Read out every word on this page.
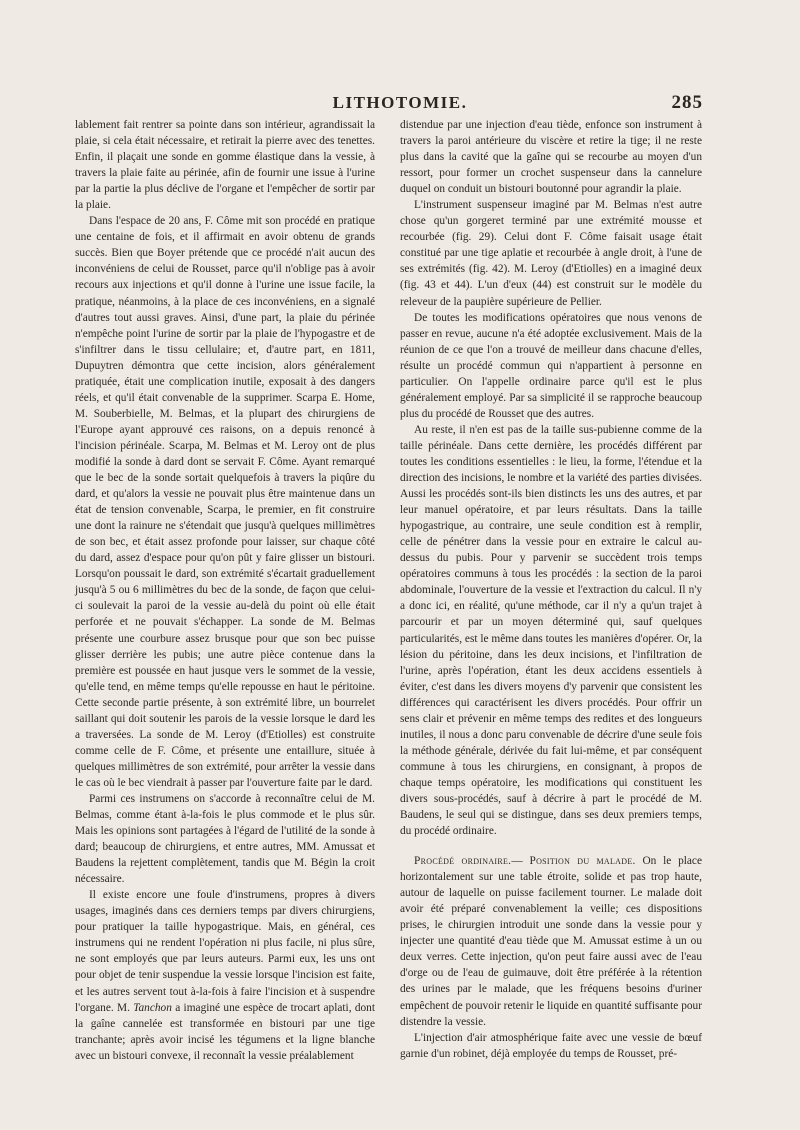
LITHOTOMIE.	285

lablement fait rentrer sa pointe dans son intérieur, agrandissait la plaie, si cela était nécessaire, et retirait la pierre avec des tenettes. Enfin, il plaçait une sonde en gomme élastique dans la vessie, à travers la plaie faite au périnée, afin de fournir une issue à l'urine par la partie la plus déclive de l'organe et l'empêcher de sortir par la plaie.

Dans l'espace de 20 ans, F. Côme mit son procédé en pratique une centaine de fois, et il affirmait en avoir obtenu de grands succès. Bien que Boyer prétende que ce procédé n'ait aucun des inconvéniens de celui de Rousset, parce qu'il n'oblige pas à avoir recours aux injections et qu'il donne à l'urine une issue facile, la pratique, néanmoins, à la place de ces inconvéniens, en a signalé d'autres tout aussi graves. Ainsi, d'une part, la plaie du périnée n'empêche point l'urine de sortir par la plaie de l'hypogastre et de s'infiltrer dans le tissu cellulaire; et, d'autre part, en 1811, Dupuytren démontra que cette incision, alors généralement pratiquée, était une complication inutile, exposait à des dangers réels, et qu'il était convenable de la supprimer. Scarpa E. Home, M. Souberbielle, M. Belmas, et la plupart des chirurgiens de l'Europe ayant approuvé ces raisons, on a depuis renoncé à l'incision périnéale. Scarpa, M. Belmas et M. Leroy ont de plus modifié la sonde à dard dont se servait F. Côme. Ayant remarqué que le bec de la sonde sortait quelquefois à travers la piqûre du dard, et qu'alors la vessie ne pouvait plus être maintenue dans un état de tension convenable, Scarpa, le premier, en fit construire une dont la rainure ne s'étendait que jusqu'à quelques millimètres de son bec, et était assez profonde pour laisser, sur chaque côté du dard, assez d'espace pour qu'on pût y faire glisser un bistouri. Lorsqu'on poussait le dard, son extrémité s'écartait graduellement jusqu'à 5 ou 6 millimètres du bec de la sonde, de façon que celui-ci soulevait la paroi de la vessie au-delà du point où elle était perforée et ne pouvait s'échapper. La sonde de M. Belmas présente une courbure assez brusque pour que son bec puisse glisser derrière les pubis; une autre pièce contenue dans la première est poussée en haut jusque vers le sommet de la vessie, qu'elle tend, en même temps qu'elle repousse en haut le péritoine. Cette seconde partie présente, à son extrémité libre, un bourrelet saillant qui doit soutenir les parois de la vessie lorsque le dard les a traversées. La sonde de M. Leroy (d'Etiolles) est construite comme celle de F. Côme, et présente une entaillure, située à quelques millimètres de son extrémité, pour arrêter la vessie dans le cas où le bec viendrait à passer par l'ouverture faite par le dard.

Parmi ces instrumens on s'accorde à reconnaître celui de M. Belmas, comme étant à-la-fois le plus commode et le plus sûr. Mais les opinions sont partagées à l'égard de l'utilité de la sonde à dard; beaucoup de chirurgiens, et entre autres, MM. Amussat et Baudens la rejettent complètement, tandis que M. Bégin la croit nécessaire.

Il existe encore une foule d'instrumens, propres à divers usages, imaginés dans ces derniers temps par divers chirurgiens, pour pratiquer la taille hypogastrique. Mais, en général, ces instrumens qui ne rendent l'opération ni plus facile, ni plus sûre, ne sont employés que par leurs auteurs. Parmi eux, les uns ont pour objet de tenir suspendue la vessie lorsque l'incision est faite, et les autres servent tout à-la-fois à faire l'incision et à suspendre l'organe. M. Tanchon a imaginé une espèce de trocart aplati, dont la gaîne cannelée est transformée en bistouri par une tige tranchante; après avoir incisé les tégumens et la ligne blanche avec un bistouri convexe, il reconnaît la vessie préalablement

distendue par une injection d'eau tiède, enfonce son instrument à travers la paroi antérieure du viscère et retire la tige; il ne reste plus dans la cavité que la gaîne qui se recourbe au moyen d'un ressort, pour former un crochet suspenseur dans la cannelure duquel on conduit un bistouri boutonné pour agrandir la plaie.

L'instrument suspenseur imaginé par M. Belmas n'est autre chose qu'un gorgeret terminé par une extrémité mousse et recourbée (fig. 29). Celui dont F. Côme faisait usage était constitué par une tige aplatie et recourbée à angle droit, à l'une de ses extrémités (fig. 42). M. Leroy (d'Etiolles) en a imaginé deux (fig. 43 et 44). L'un d'eux (44) est construit sur le modèle du releveur de la paupière supérieure de Pellier.

De toutes les modifications opératoires que nous venons de passer en revue, aucune n'a été adoptée exclusivement. Mais de la réunion de ce que l'on a trouvé de meilleur dans chacune d'elles, résulte un procédé commun qui n'appartient à personne en particulier. On l'appelle ordinaire parce qu'il est le plus généralement employé. Par sa simplicité il se rapproche beaucoup plus du procédé de Rousset que des autres.

Au reste, il n'en est pas de la taille sus-pubienne comme de la taille périnéale. Dans cette dernière, les procédés différent par toutes les conditions essentielles : le lieu, la forme, l'étendue et la direction des incisions, le nombre et la variété des parties divisées. Aussi les procédés sont-ils bien distincts les uns des autres, et par leur manuel opératoire, et par leurs résultats. Dans la taille hypogastrique, au contraire, une seule condition est à remplir, celle de pénétrer dans la vessie pour en extraire le calcul au-dessus du pubis. Pour y parvenir se succèdent trois temps opératoires communs à tous les procédés : la section de la paroi abdominale, l'ouverture de la vessie et l'extraction du calcul. Il n'y a donc ici, en réalité, qu'une méthode, car il n'y a qu'un trajet à parcourir et par un moyen déterminé qui, sauf quelques particularités, est le même dans toutes les manières d'opérer. Or, la lésion du péritoine, dans les deux incisions, et l'infiltration de l'urine, après l'opération, étant les deux accidens essentiels à éviter, c'est dans les divers moyens d'y parvenir que consistent les différences qui caractérisent les divers procédés. Pour offrir un sens clair et prévenir en même temps des redites et des longueurs inutiles, il nous a donc paru convenable de décrire d'une seule fois la méthode générale, dérivée du fait lui-même, et par conséquent commune à tous les chirurgiens, en consignant, à propos de chaque temps opératoire, les modifications qui constituent les divers sous-procédés, sauf à décrire à part le procédé de M. Baudens, le seul qui se distingue, dans ses deux premiers temps, du procédé ordinaire.

Procédé ordinaire.— Position du malade. On le place horizontalement sur une table étroite, solide et pas trop haute, autour de laquelle on puisse facilement tourner. Le malade doit avoir été préparé convenablement la veille; ces dispositions prises, le chirurgien introduit une sonde dans la vessie pour y injecter une quantité d'eau tiède que M. Amussat estime à un ou deux verres. Cette injection, qu'on peut faire aussi avec de l'eau d'orge ou de l'eau de guimauve, doit être préférée à la rétention des urines par le malade, que les fréquens besoins d'uriner empêchent de pouvoir retenir le liquide en quantité suffisante pour distendre la vessie.

L'injection d'air atmosphérique faite avec une vessie de bœuf garnie d'un robinet, déjà employée du temps de Rousset, pré-
